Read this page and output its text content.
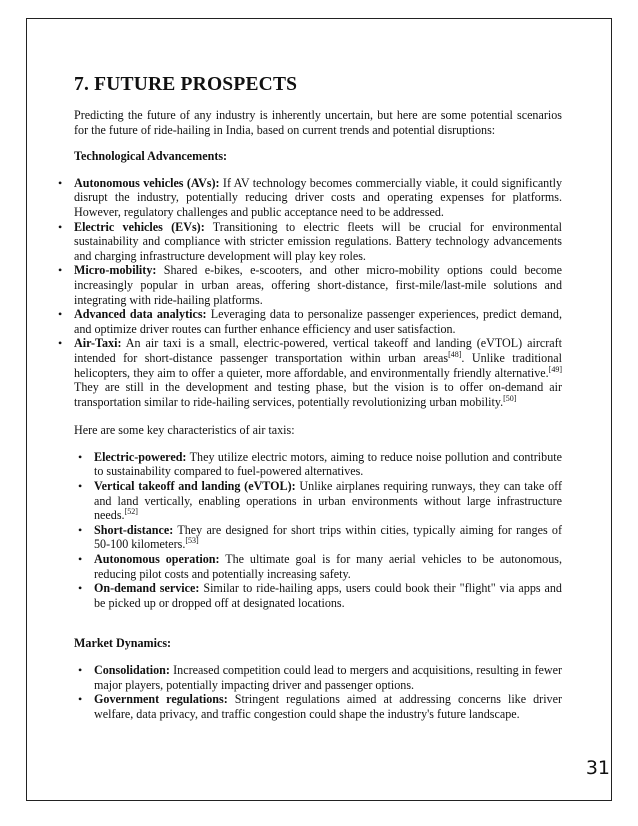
7. FUTURE PROSPECTS

Predicting the future of any industry is inherently uncertain, but here are some potential scenarios for the future of ride-hailing in India, based on current trends and potential disruptions:

Technological Advancements:
• Autonomous vehicles (AVs): If AV technology becomes commercially viable, it could significantly disrupt the industry, potentially reducing driver costs and operating expenses for platforms. However, regulatory challenges and public acceptance need to be addressed.
• Electric vehicles (EVs): Transitioning to electric fleets will be crucial for environmental sustainability and compliance with stricter emission regulations. Battery technology advancements and charging infrastructure development will play key roles.
• Micro-mobility: Shared e-bikes, e-scooters, and other micro-mobility options could become increasingly popular in urban areas, offering short-distance, first-mile/last-mile solutions and integrating with ride-hailing platforms.
• Advanced data analytics: Leveraging data to personalize passenger experiences, predict demand, and optimize driver routes can further enhance efficiency and user satisfaction.
• Air-Taxi: An air taxi is a small, electric-powered, vertical takeoff and landing (eVTOL) aircraft intended for short-distance passenger transportation within urban areas[48]. Unlike traditional helicopters, they aim to offer a quieter, more affordable, and environmentally friendly alternative.[49] They are still in the development and testing phase, but the vision is to offer on-demand air transportation similar to ride-hailing services, potentially revolutionizing urban mobility.[50]

Here are some key characteristics of air taxis:

• Electric-powered: They utilize electric motors, aiming to reduce noise pollution and contribute to sustainability compared to fuel-powered alternatives.
• Vertical takeoff and landing (eVTOL): Unlike airplanes requiring runways, they can take off and land vertically, enabling operations in urban environments without large infrastructure needs.[52]
• Short-distance: They are designed for short trips within cities, typically aiming for ranges of 50-100 kilometers.[53]
• Autonomous operation: The ultimate goal is for many aerial vehicles to be autonomous, reducing pilot costs and potentially increasing safety.
• On-demand service: Similar to ride-hailing apps, users could book their "flight" via apps and be picked up or dropped off at designated locations.
Market Dynamics:
• Consolidation: Increased competition could lead to mergers and acquisitions, resulting in fewer major players, potentially impacting driver and passenger options.
• Government regulations: Stringent regulations aimed at addressing concerns like driver welfare, data privacy, and traffic congestion could shape the industry's future landscape.
31
